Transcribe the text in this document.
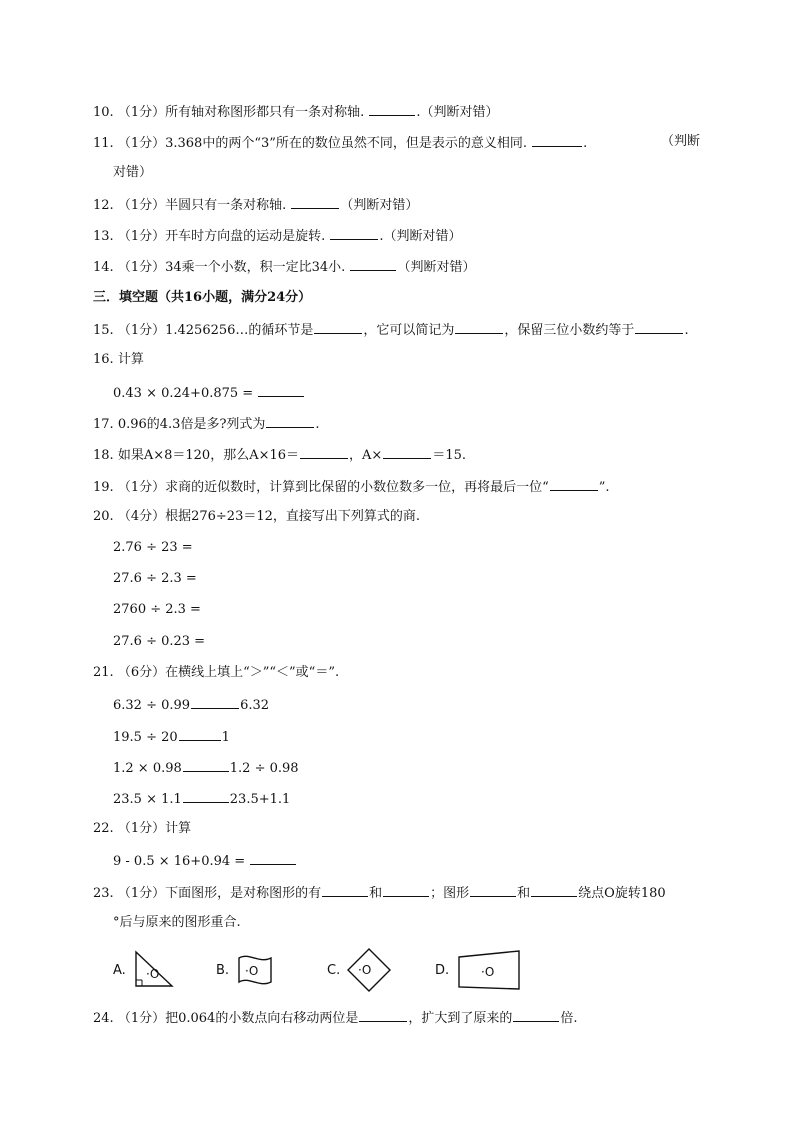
10. （1分）所有轴对称图形都只有一条对称轴.	.（判断对错）
11. （1分）3.368中的两个“3”所在的数位虽然不同，但是表示的意义相同.	.	（判断
对错）
12. （1分）半圆只有一条对称轴.	（判断对错）
13. （1分）开车时方向盘的运动是旋转.	.（判断对错）
14. （1分）34乘一个小数，积一定比34小.	（判断对错）
三．填空题（共16小题，满分24分）
15. （1分）1.4256256…的循环节是	，它可以简记为	，保留三位小数约等于	.
16. 计算
0.43 × 0.24+0.875 =
17. 0.96的4.3倍是多?列式为	.
18. 如果A×8＝120，那么A×16＝	，A×	＝15.
19. （1分）求商的近似数时，计算到比保留的小数位数多一位，再将最后一位“	”.
20. （4分）根据276÷23＝12，直接写出下列算式的商.
2.76 ÷ 23 =
27.6 ÷ 2.3 =
2760 ÷ 2.3 =
27.6 ÷ 0.23 =
21. （6分）在横线上填上“＞”“＜”或“＝”.
6.32 ÷ 0.99	6.32
19.5 ÷ 20	1
1.2 × 0.98	1.2 ÷ 0.98
23.5 × 1.1	23.5+1.1
22. （1分）计算
9 - 0.5 × 16+0.94 =
23. （1分）下面图形，是对称图形的有	和	；图形	和	绕点O旋转180
°后与原来的图形重合.
A. ·O	B. ·O	C. ·O	D.	·O
24. （1分）把0.064的小数点向右移动两位是	，扩大到了原来的	倍.
